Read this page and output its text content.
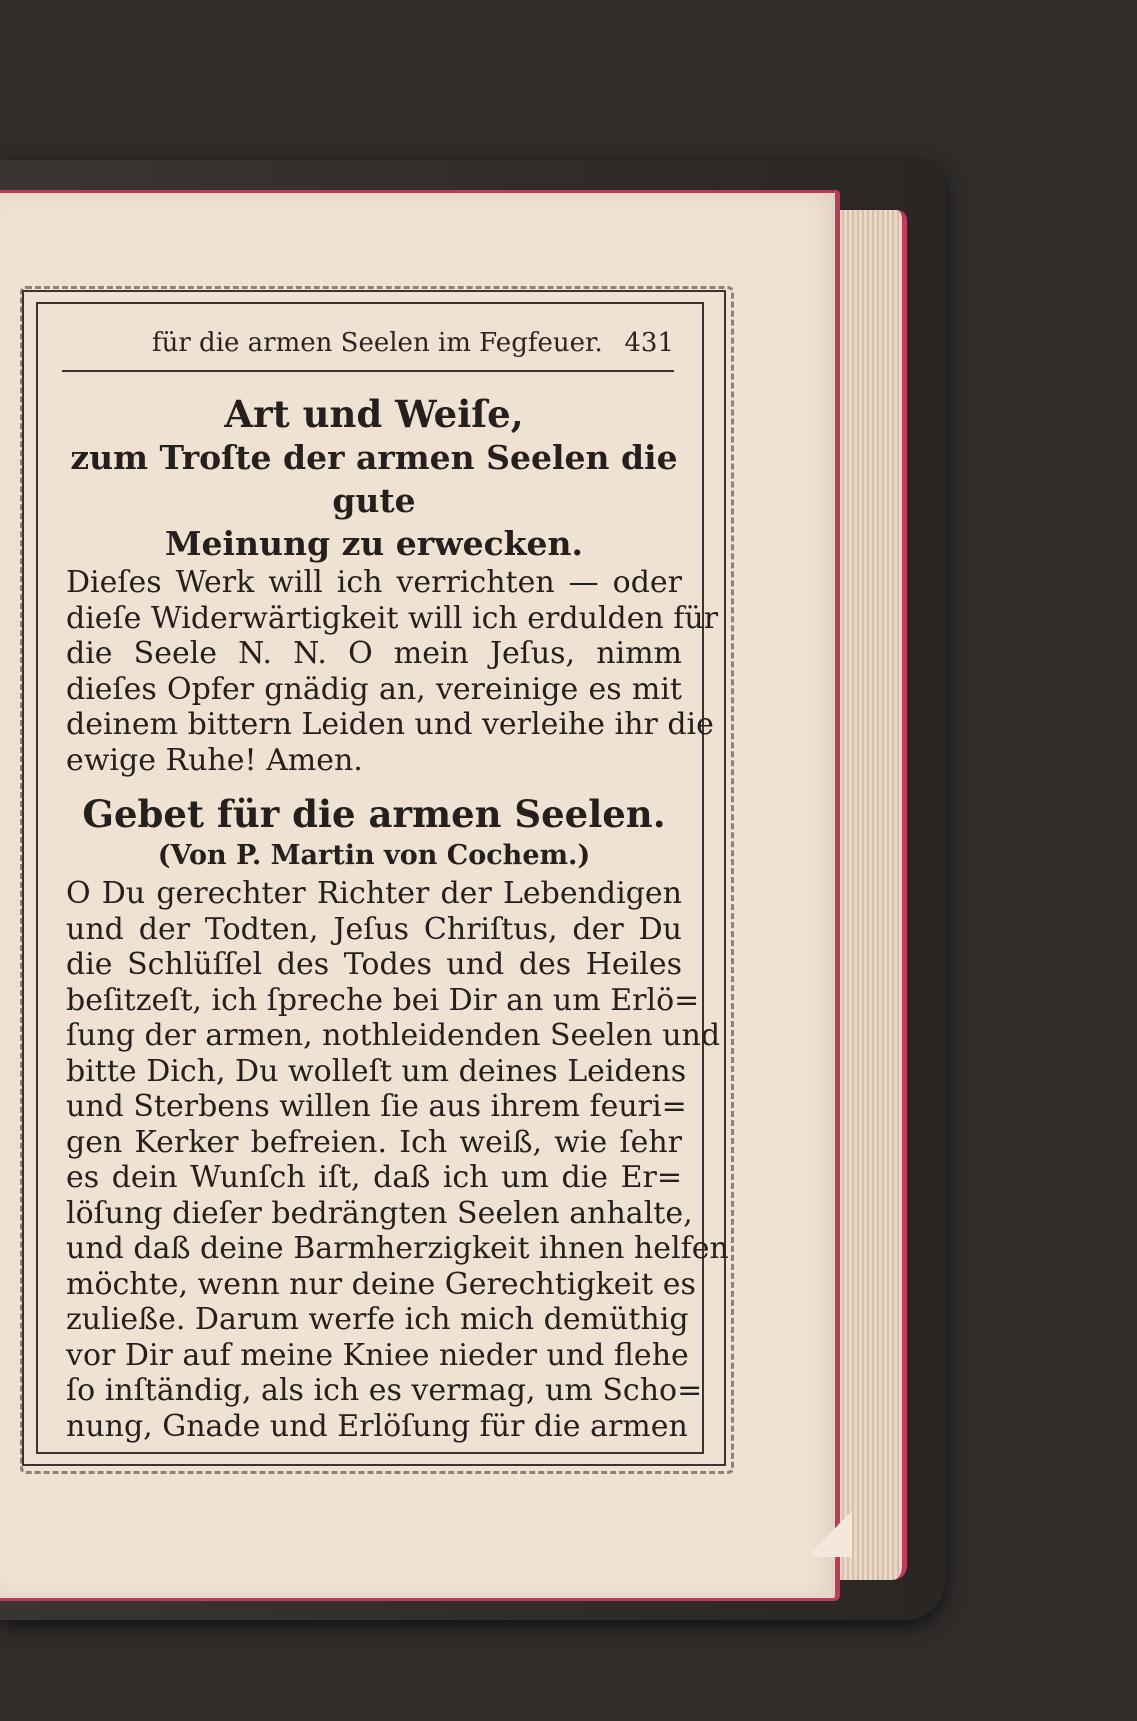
für die armen Seelen im Fegfeuer. 431
Art und Weiſe,
zum Troſte der armen Seelen die gute
Meinung zu erwecken.
Dieſes Werk will ich verrichten — oder
dieſe Widerwärtigkeit will ich erdulden für
die Seele N. N. O mein Jeſus, nimm
dieſes Opfer gnädig an, vereinige es mit
deinem bittern Leiden und verleihe ihr die
ewige Ruhe! Amen.
Gebet für die armen Seelen.
(Von P. Martin von Cochem.)
O Du gerechter Richter der Lebendigen
und der Todten, Jeſus Chriſtus, der Du
die Schlüſſel des Todes und des Heiles
beſitzeſt, ich ſpreche bei Dir an um Erlö=
ſung der armen, nothleidenden Seelen und
bitte Dich, Du wolleſt um deines Leidens
und Sterbens willen ſie aus ihrem feuri=
gen Kerker befreien. Ich weiß, wie ſehr
es dein Wunſch iſt, daß ich um die Er=
löſung dieſer bedrängten Seelen anhalte,
und daß deine Barmherzigkeit ihnen helfen
möchte, wenn nur deine Gerechtigkeit es
zuließe. Darum werfe ich mich demüthig
vor Dir auf meine Kniee nieder und flehe
ſo inſtändig, als ich es vermag, um Scho=
nung, Gnade und Erlöſung für die armen
